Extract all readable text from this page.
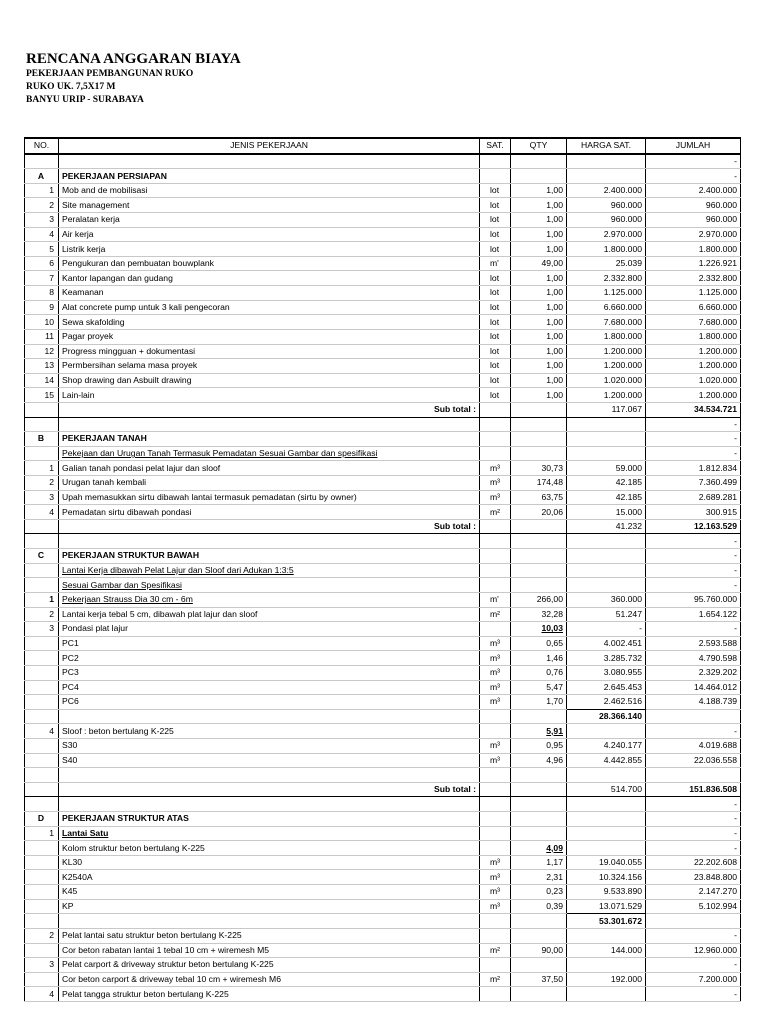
RENCANA ANGGARAN BIAYA
PEKERJAAN PEMBANGUNAN RUKO
RUKO UK. 7,5X17 M
BANYU URIP - SURABAYA
NO.	JENIS PEKERJAAN	SAT.	QTY	HARGA SAT.	JUMLAH
					-
A	PEKERJAAN PERSIAPAN				-
1	Mob and de mobilisasi	lot	1,00	2.400.000	2.400.000
2	Site management	lot	1,00	960.000	960.000
3	Peralatan kerja	lot	1,00	960.000	960.000
4	Air kerja	lot	1,00	2.970.000	2.970.000
5	Listrik kerja	lot	1,00	1.800.000	1.800.000
6	Pengukuran dan pembuatan bouwplank	m'	49,00	25.039	1.226.921
7	Kantor lapangan dan gudang	lot	1,00	2.332.800	2.332.800
8	Keamanan	lot	1,00	1.125.000	1.125.000
9	Alat concrete pump untuk 3 kali pengecoran	lot	1,00	6.660.000	6.660.000
10	Sewa skafolding	lot	1,00	7.680.000	7.680.000
11	Pagar proyek	lot	1,00	1.800.000	1.800.000
12	Progress mingguan + dokumentasi	lot	1,00	1.200.000	1.200.000
13	Permbersihan selama masa proyek	lot	1,00	1.200.000	1.200.000
14	Shop drawing dan Asbuilt drawing	lot	1,00	1.020.000	1.020.000
15	Lain-lain	lot	1,00	1.200.000	1.200.000
	Sub total :			117.067	34.534.721
					-
B	PEKERJAAN TANAH				-
	Pekejaan dan Urugan Tanah Termasuk Pemadatan Sesuai Gambar dan spesifikasi				-
1	Galian tanah pondasi pelat lajur dan sloof	m³	30,73	59.000	1.812.834
2	Urugan tanah kembali	m³	174,48	42.185	7.360.499
3	Upah memasukkan sirtu dibawah lantai termasuk pemadatan (sirtu by owner)	m³	63,75	42.185	2.689.281
4	Pemadatan sirtu dibawah pondasi	m²	20,06	15.000	300.915
	Sub total :			41.232	12.163.529
					-
C	PEKERJAAN STRUKTUR BAWAH				-
	Lantai Kerja dibawah Pelat Lajur dan Sloof dari Adukan 1:3:5				-
	Sesuai Gambar dan Spesifikasi				-
1	Pekerjaan Strauss Dia 30 cm - 6m	m'	266,00	360.000	95.760.000
2	Lantai kerja tebal 5 cm, dibawah plat lajur dan sloof	m²	32,28	51.247	1.654.122
3	Pondasi plat lajur		10,03	-	-
	PC1	m³	0,65	4.002.451	2.593.588
	PC2	m³	1,46	3.285.732	4.790.598
	PC3	m³	0,76	3.080.955	2.329.202
	PC4	m³	5,47	2.645.453	14.464.012
	PC6	m³	1,70	2.462.516	4.188.739
				28.366.140	
4	Sloof : beton bertulang K-225		5,91		-
	S30	m³	0,95	4.240.177	4.019.688
	S40	m³	4,96	4.442.855	22.036.558

	Sub total :			514.700	151.836.508
					-
D	PEKERJAAN STRUKTUR ATAS				-
1	Lantai Satu				-
	Kolom struktur beton bertulang K-225		4,09		-
	KL30	m³	1,17	19.040.055	22.202.608
	K2540A	m³	2,31	10.324.156	23.848.800
	K45	m³	0,23	9.533.890	2.147.270
	KP	m³	0,39	13.071.529	5.102.994
				53.301.672	
2	Pelat lantai satu struktur beton bertulang K-225				-
	Cor beton rabatan lantai 1 tebal 10 cm + wiremesh M5	m²	90,00	144.000	12.960.000
3	Pelat carport & driveway struktur beton bertulang K-225				-
	Cor beton carport & driveway tebal 10 cm + wiremesh M6	m²	37,50	192.000	7.200.000
4	Pelat tangga struktur beton bertulang K-225				-
